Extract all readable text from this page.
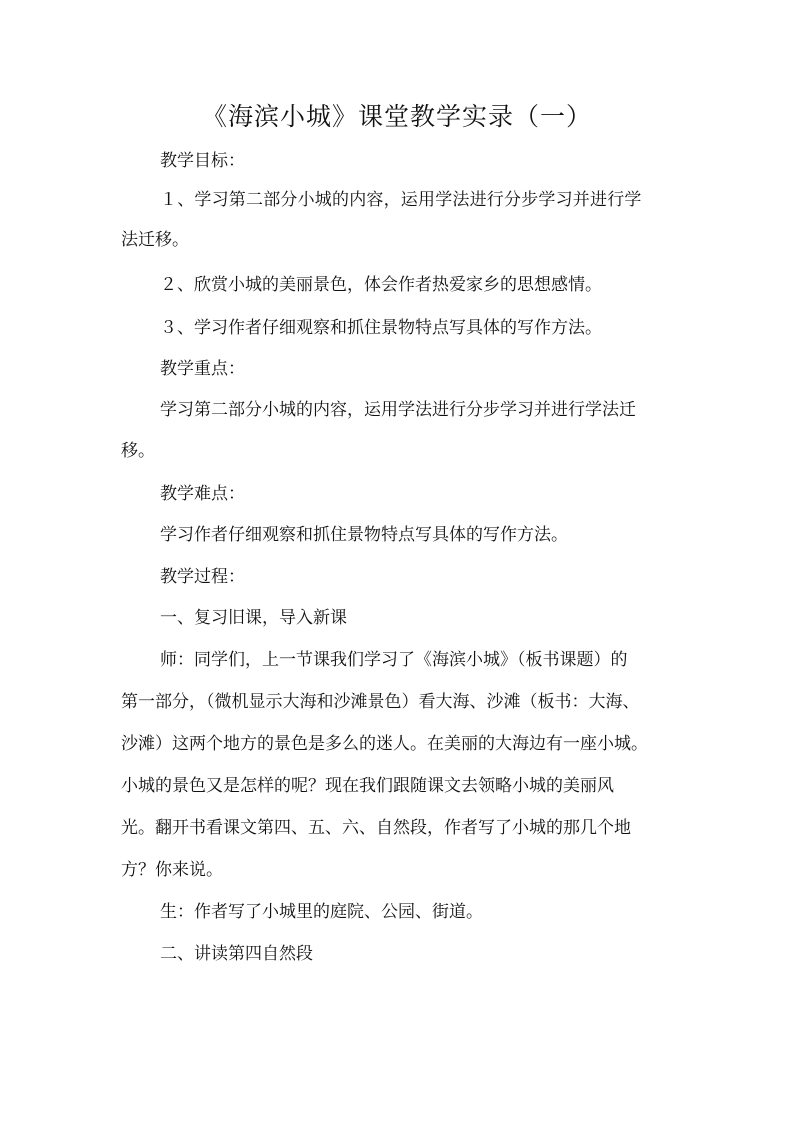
《海滨小城》课堂教学实录（一）
教学目标：
１、学习第二部分小城的内容，运用学法进行分步学习并进行学
法迁移。
２、欣赏小城的美丽景色，体会作者热爱家乡的思想感情。
３、学习作者仔细观察和抓住景物特点写具体的写作方法。
教学重点：
学习第二部分小城的内容，运用学法进行分步学习并进行学法迁
移。
教学难点：
学习作者仔细观察和抓住景物特点写具体的写作方法。
教学过程：
一、复习旧课，导入新课
师：同学们，上一节课我们学习了《海滨小城》（板书课题）的
第一部分，（微机显示大海和沙滩景色）看大海、沙滩（板书：大海、
沙滩）这两个地方的景色是多么的迷人。在美丽的大海边有一座小城。
小城的景色又是怎样的呢？现在我们跟随课文去领略小城的美丽风
光。翻开书看课文第四、五、六、自然段，作者写了小城的那几个地
方？你来说。
生：作者写了小城里的庭院、公园、街道。
二、讲读第四自然段
